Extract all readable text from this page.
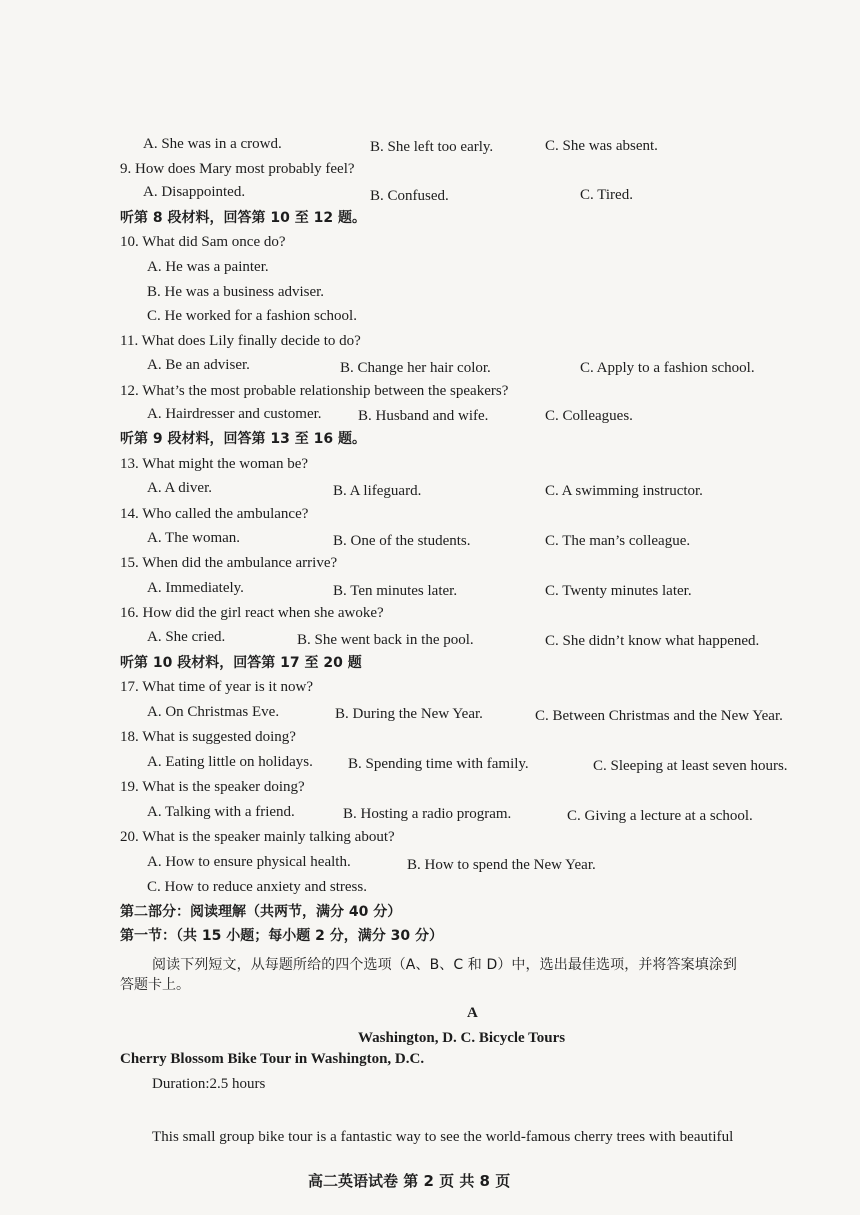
A. She was in a crowd.	B. She left too early.	C. She was absent.
9. How does Mary most probably feel?
A. Disappointed.	B. Confused.	C. Tired.
听第 8 段材料，回答第 10 至 12 题。
10. What did Sam once do?
A. He was a painter.
B. He was a business adviser.
C. He worked for a fashion school.
11. What does Lily finally decide to do?
A. Be an adviser.	B. Change her hair color.	C. Apply to a fashion school.
12. What’s the most probable relationship between the speakers?
A. Hairdresser and customer. B. Husband and wife.	C. Colleagues.
听第 9 段材料，回答第 13 至 16 题。
13. What might the woman be?
A. A diver.	B. A lifeguard.	C. A swimming instructor.
14. Who called the ambulance?
A. The woman.	B. One of the students.	C. The man’s colleague.
15. When did the ambulance arrive?
A. Immediately.	B. Ten minutes later.	C. Twenty minutes later.
16. How did the girl react when she awoke?
A. She cried.	B. She went back in the pool.	C. She didn’t know what happened.
听第 10 段材料，回答第 17 至 20 题
17. What time of year is it now?
A. On Christmas Eve.	B. During the New Year.	C. Between Christmas and the New Year.
18. What is suggested doing?
A. Eating little on holidays. B. Spending time with family.	C. Sleeping at least seven hours.
19. What is the speaker doing?
A. Talking with a friend.	B. Hosting a radio program.	C. Giving a lecture at a school.
20. What is the speaker mainly talking about?
A. How to ensure physical health.	B. How to spend the New Year.
C. How to reduce anxiety and stress.
第二部分：阅读理解（共两节，满分 40 分）
第一节：（共 15 小题；每小题 2 分，满分 30 分）
阅读下列短文，从每题所给的四个选项（A、B、C 和 D）中，选出最佳选项，并将答案填涂到
答题卡上。
A
Washington, D. C. Bicycle Tours
Cherry Blossom Bike Tour in Washington, D.C.
Duration:2.5 hours
This small group bike tour is a fantastic way to see the world-famous cherry trees with beautiful
高二英语试卷 第 2 页 共 8 页
